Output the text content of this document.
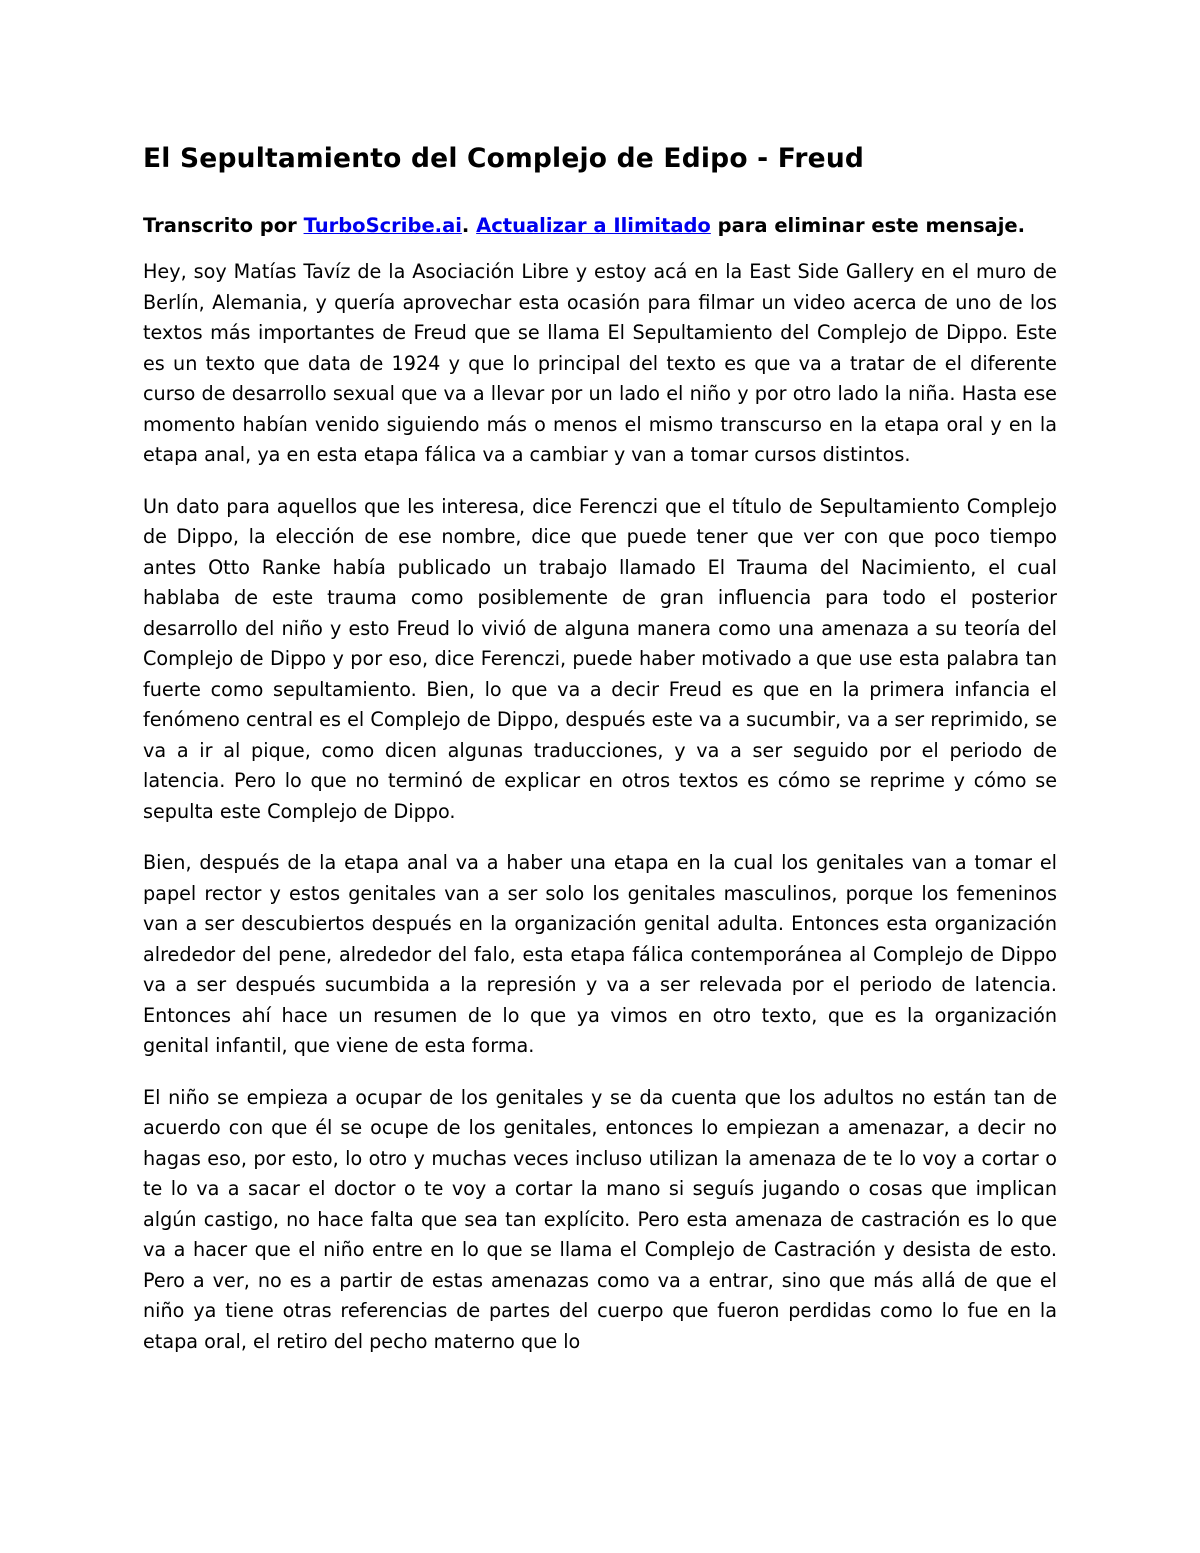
El Sepultamiento del Complejo de Edipo - Freud
Transcrito por TurboScribe.ai. Actualizar a Ilimitado para eliminar este mensaje.

Hey, soy Matías Tavíz de la Asociación Libre y estoy acá en la East Side Gallery en el muro de Berlín, Alemania, y quería aprovechar esta ocasión para filmar un video acerca de uno de los textos más importantes de Freud que se llama El Sepultamiento del Complejo de Dippo. Este es un texto que data de 1924 y que lo principal del texto es que va a tratar de el diferente curso de desarrollo sexual que va a llevar por un lado el niño y por otro lado la niña. Hasta ese momento habían venido siguiendo más o menos el mismo transcurso en la etapa oral y en la etapa anal, ya en esta etapa fálica va a cambiar y van a tomar cursos distintos.

Un dato para aquellos que les interesa, dice Ferenczi que el título de Sepultamiento Complejo de Dippo, la elección de ese nombre, dice que puede tener que ver con que poco tiempo antes Otto Ranke había publicado un trabajo llamado El Trauma del Nacimiento, el cual hablaba de este trauma como posiblemente de gran influencia para todo el posterior desarrollo del niño y esto Freud lo vivió de alguna manera como una amenaza a su teoría del Complejo de Dippo y por eso, dice Ferenczi, puede haber motivado a que use esta palabra tan fuerte como sepultamiento. Bien, lo que va a decir Freud es que en la primera infancia el fenómeno central es el Complejo de Dippo, después este va a sucumbir, va a ser reprimido, se va a ir al pique, como dicen algunas traducciones, y va a ser seguido por el periodo de latencia. Pero lo que no terminó de explicar en otros textos es cómo se reprime y cómo se sepulta este Complejo de Dippo.

Bien, después de la etapa anal va a haber una etapa en la cual los genitales van a tomar el papel rector y estos genitales van a ser solo los genitales masculinos, porque los femeninos van a ser descubiertos después en la organización genital adulta. Entonces esta organización alrededor del pene, alrededor del falo, esta etapa fálica contemporánea al Complejo de Dippo va a ser después sucumbida a la represión y va a ser relevada por el periodo de latencia. Entonces ahí hace un resumen de lo que ya vimos en otro texto, que es la organización genital infantil, que viene de esta forma.

El niño se empieza a ocupar de los genitales y se da cuenta que los adultos no están tan de acuerdo con que él se ocupe de los genitales, entonces lo empiezan a amenazar, a decir no hagas eso, por esto, lo otro y muchas veces incluso utilizan la amenaza de te lo voy a cortar o te lo va a sacar el doctor o te voy a cortar la mano si seguís jugando o cosas que implican algún castigo, no hace falta que sea tan explícito. Pero esta amenaza de castración es lo que va a hacer que el niño entre en lo que se llama el Complejo de Castración y desista de esto. Pero a ver, no es a partir de estas amenazas como va a entrar, sino que más allá de que el niño ya tiene otras referencias de partes del cuerpo que fueron perdidas como lo fue en la etapa oral, el retiro del pecho materno que lo
